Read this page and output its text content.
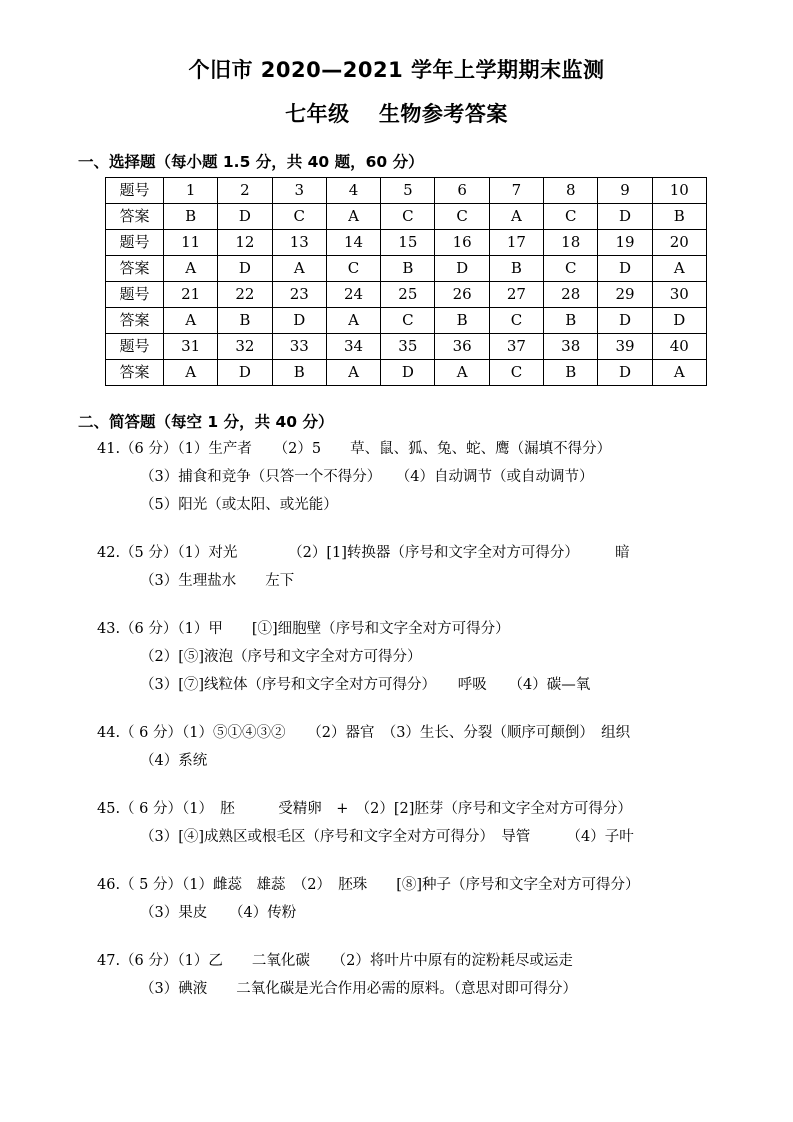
个旧市 2020—2021 学年上学期期末监测
七年级　 生物参考答案
一、选择题（每小题 1.5 分，共 40 题，60 分）
题号	1	2	3	4	5	6	7	8	9	10
答案	B	D	C	A	C	C	A	C	D	B
题号	11	12	13	14	15	16	17	18	19	20
答案	A	D	A	C	B	D	B	C	D	A
题号	21	22	23	24	25	26	27	28	29	30
答案	A	B	D	A	C	B	C	B	D	D
题号	31	32	33	34	35	36	37	38	39	40
答案	A	D	B	A	D	A	C	B	D	A
二、简答题（每空 1 分，共 40 分）
41.（6 分）（1）生产者　　（2）5　　草、鼠、狐、兔、蛇、鹰（漏填不得分）
（3）捕食和竞争（只答一个不得分）　　（4）自动调节（或自动调节）
（5）阳光（或太阳、或光能）
42.（5 分）（1）对光　　　　（2）[1]转换器（序号和文字全对方可得分）　　　暗
（3）生理盐水　　左下
43.（6 分）（1）甲　　[①]细胞壁（序号和文字全对方可得分）
（2）[⑤]液泡（序号和文字全对方可得分）
（3）[⑦]线粒体（序号和文字全对方可得分）　　呼吸　　（4）碳—氧
44.（ 6 分）（1）⑤①④③②　　（2）器官　（3）生长、分裂（顺序可颠倒）　组织
（4）系统
45.（ 6 分）（1）　胚　　　受精卵　+　（2）[2]胚芽（序号和文字全对方可得分）
（3）[④]成熟区或根毛区（序号和文字全对方可得分）　导管　　　（4）子叶
46.（ 5 分）（1）雌蕊　雄蕊　（2）　胚珠　　[⑧]种子（序号和文字全对方可得分）
（3）果皮　　（4）传粉
47.（6 分）（1）乙　　二氧化碳　　（2）将叶片中原有的淀粉耗尽或运走
（3）碘液　　二氧化碳是光合作用必需的原料。（意思对即可得分）
